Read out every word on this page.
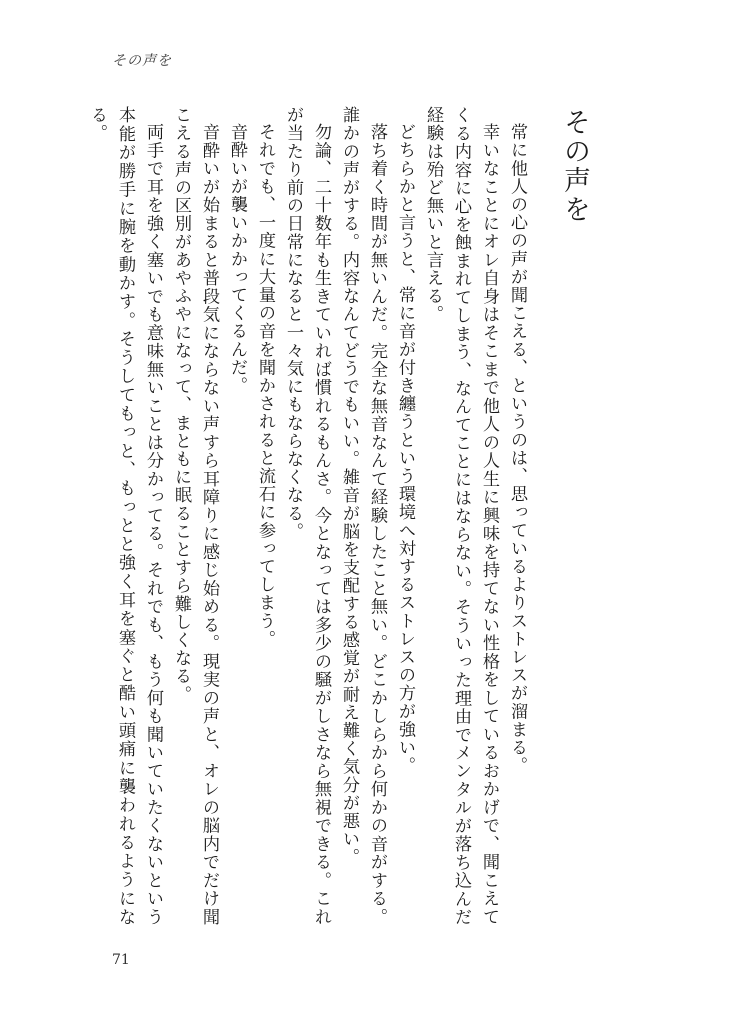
その声を
その声を

常に他人の心の声が聞こえる、というのは、思っているよりストレスが溜まる。

幸いなことにオレ自身はそこまで他人の人生に興味を持てない性格をしているおかげで、聞こえてくる内容に心を蝕まれてしまう、なんてことにはならない。そういった理由でメンタルが落ち込んだ経験は殆ど無いと言える。

どちらかと言うと、常に音が付き纏うという環境へ対するストレスの方が強い。

落ち着く時間が無いんだ。完全な無音なんて経験したこと無い。どこかしらから何かの音がする。誰かの声がする。内容なんてどうでもいい。雑音が脳を支配する感覚が耐え難く気分が悪い。

勿論、二十数年も生きていれば慣れるもんさ。今となっては多少の騒がしさなら無視できる。これが当たり前の日常になると一々気にもならなくなる。

それでも、一度に大量の音を聞かされると流石に参ってしまう。

音酔いが襲いかかってくるんだ。

音酔いが始まると普段気にならない声すら耳障りに感じ始める。現実の声と、オレの脳内でだけ聞こえる声の区別があやふやになって、まともに眠ることすら難しくなる。

両手で耳を強く塞いでも意味無いことは分かってる。それでも、もう何も聞いていたくないという本能が勝手に腕を動かす。そうしてもっと、もっとと強く耳を塞ぐと酷い頭痛に襲われるようになる。

71
